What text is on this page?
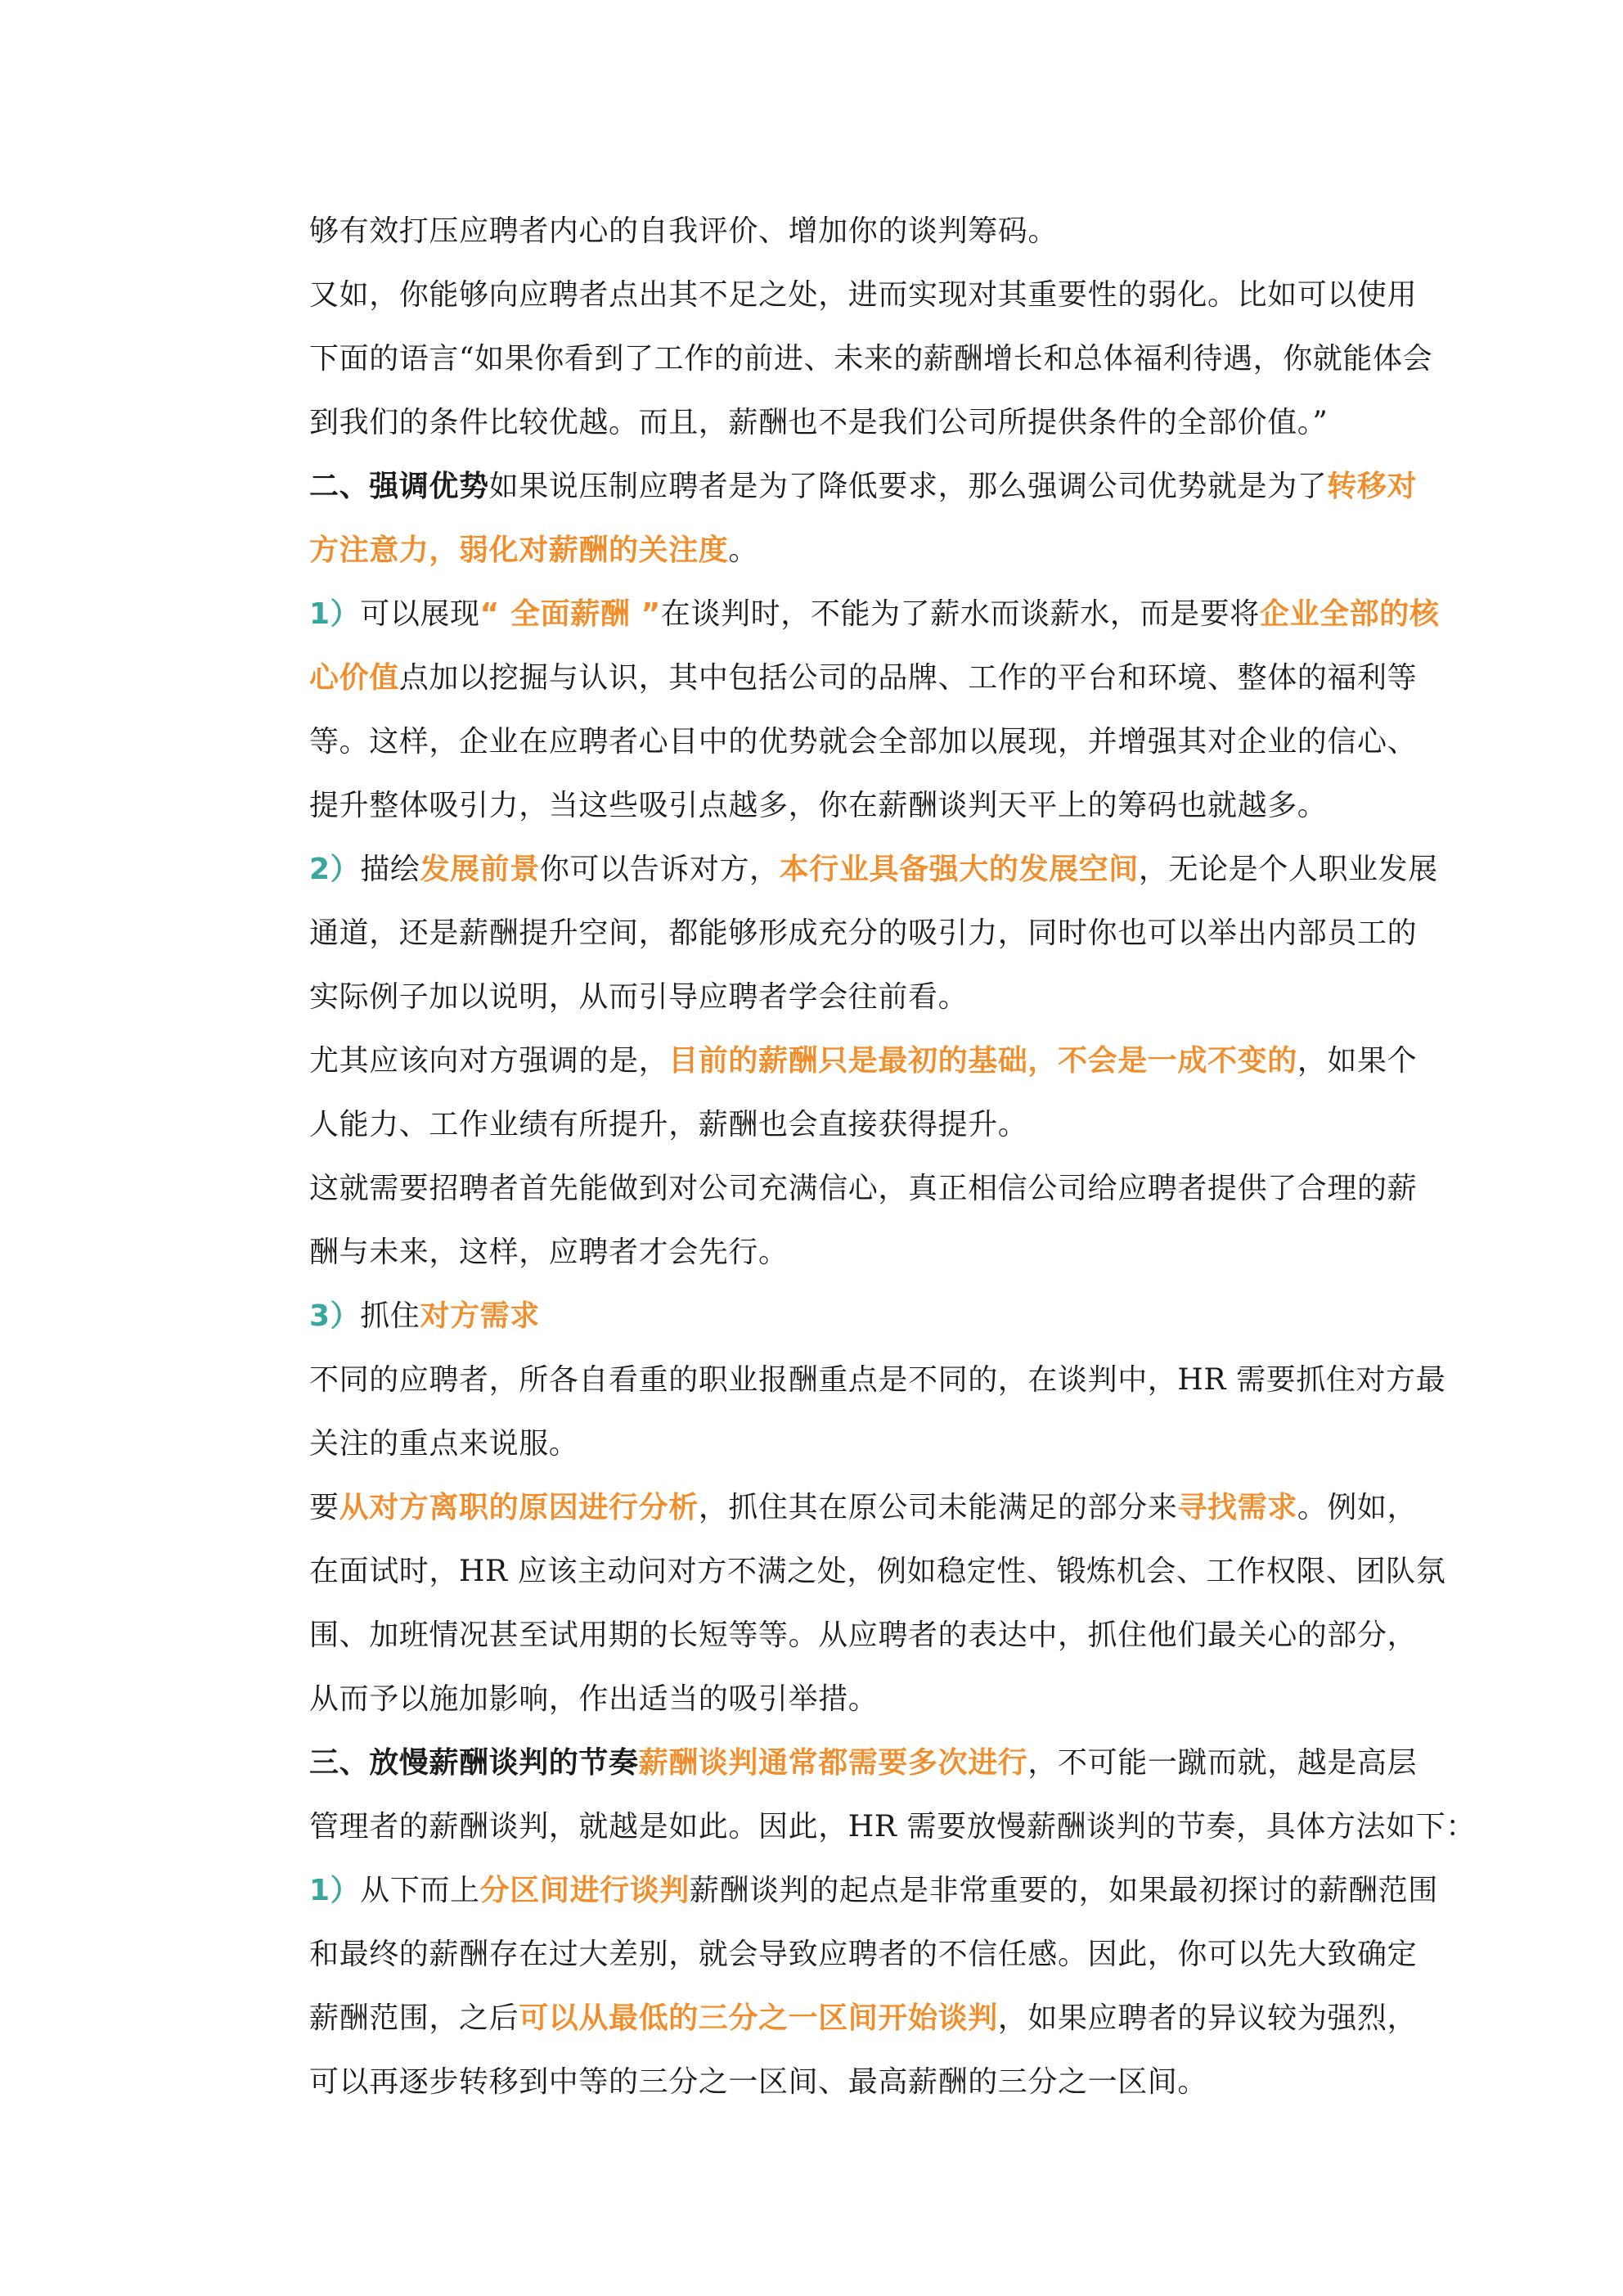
够有效打压应聘者内心的自我评价、增加你的谈判筹码。
又如，你能够向应聘者点出其不足之处，进而实现对其重要性的弱化。比如可以使用
下面的语言“如果你看到了工作的前进、未来的薪酬增长和总体福利待遇，你就能体会
到我们的条件比较优越。而且，薪酬也不是我们公司所提供条件的全部价值。”
二、强调优势如果说压制应聘者是为了降低要求，那么强调公司优势就是为了转移对
方注意力，弱化对薪酬的关注度。
1）可以展现“ 全面薪酬 ”在谈判时，不能为了薪水而谈薪水，而是要将企业全部的核
心价值点加以挖掘与认识，其中包括公司的品牌、工作的平台和环境、整体的福利等
等。这样，企业在应聘者心目中的优势就会全部加以展现，并增强其对企业的信心、
提升整体吸引力，当这些吸引点越多，你在薪酬谈判天平上的筹码也就越多。
2）描绘发展前景你可以告诉对方，本行业具备强大的发展空间，无论是个人职业发展
通道，还是薪酬提升空间，都能够形成充分的吸引力，同时你也可以举出内部员工的
实际例子加以说明，从而引导应聘者学会往前看。
尤其应该向对方强调的是，目前的薪酬只是最初的基础，不会是一成不变的，如果个
人能力、工作业绩有所提升，薪酬也会直接获得提升。
这就需要招聘者首先能做到对公司充满信心，真正相信公司给应聘者提供了合理的薪
酬与未来，这样，应聘者才会先行。
3）抓住对方需求
不同的应聘者，所各自看重的职业报酬重点是不同的，在谈判中，HR 需要抓住对方最
关注的重点来说服。
要从对方离职的原因进行分析，抓住其在原公司未能满足的部分来寻找需求。例如，
在面试时，HR 应该主动问对方不满之处，例如稳定性、锻炼机会、工作权限、团队氛
围、加班情况甚至试用期的长短等等。从应聘者的表达中，抓住他们最关心的部分，
从而予以施加影响，作出适当的吸引举措。
三、放慢薪酬谈判的节奏薪酬谈判通常都需要多次进行，不可能一蹴而就，越是高层
管理者的薪酬谈判，就越是如此。因此，HR 需要放慢薪酬谈判的节奏，具体方法如下：
1）从下而上分区间进行谈判薪酬谈判的起点是非常重要的，如果最初探讨的薪酬范围
和最终的薪酬存在过大差别，就会导致应聘者的不信任感。因此，你可以先大致确定
薪酬范围，之后可以从最低的三分之一区间开始谈判，如果应聘者的异议较为强烈，
可以再逐步转移到中等的三分之一区间、最高薪酬的三分之一区间。
